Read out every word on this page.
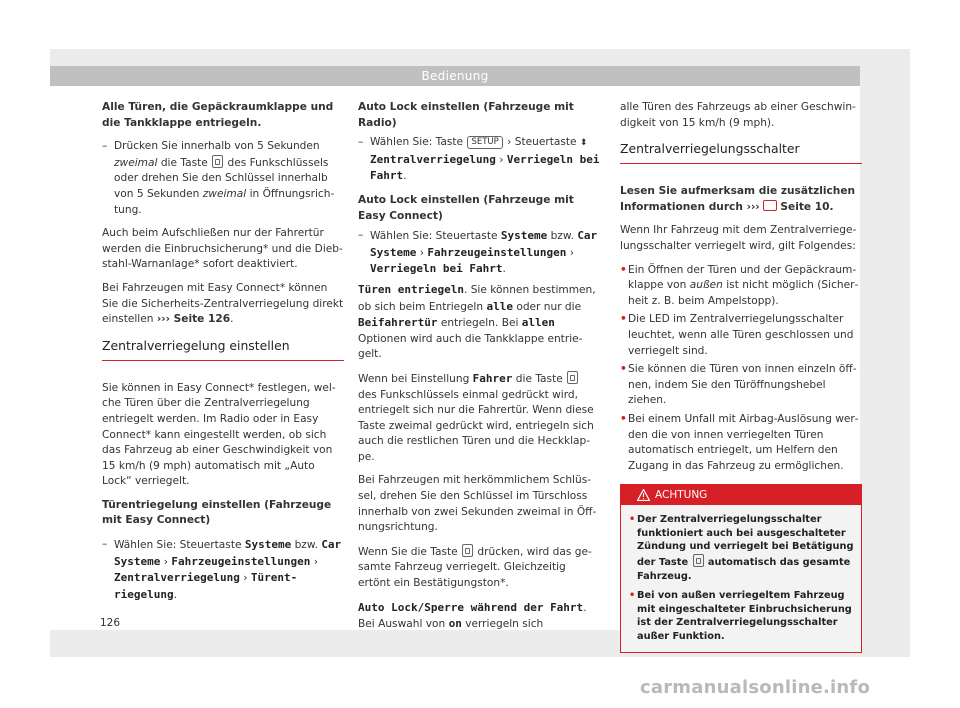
Bedienung

Alle Türen, die Gepäckraumklappe und die Tankklappe entriegeln.

– Drücken Sie innerhalb von 5 Sekunden zweimal die Taste  des Funkschlüssels oder drehen Sie den Schlüssel innerhalb von 5 Sekunden zweimal in Öffnungsrichtung.

Auch beim Aufschließen nur der Fahrertür werden die Einbruchsicherung* und die Diebstahl-Warnanlage* sofort deaktiviert.

Bei Fahrzeugen mit Easy Connect* können Sie die Sicherheits-Zentralverriegelung direkt einstellen ››› Seite 126.

Zentralverriegelung einstellen

Sie können in Easy Connect* festlegen, welche Türen über die Zentralverriegelung entriegelt werden. Im Radio oder in Easy Connect* kann eingestellt werden, ob sich das Fahrzeug ab einer Geschwindigkeit von 15 km/h (9 mph) automatisch mit „Auto Lock“ verriegelt.

Türentriegelung einstellen (Fahrzeuge mit Easy Connect)

– Wählen Sie: Steuertaste Systeme bzw. Car Systeme › Fahrzeugeinstellungen › Zentralverriegelung › Türentriegelung.

Auto Lock einstellen (Fahrzeuge mit Radio)

– Wählen Sie: Taste SETUP › Steuertaste ⬍
Zentralverriegelung › Verriegeln bei Fahrt.

Auto Lock einstellen (Fahrzeuge mit Easy Connect)

– Wählen Sie: Steuertaste Systeme bzw. Car Systeme › Fahrzeugeinstellungen › Verriegeln bei Fahrt.

Türen entriegeln. Sie können bestimmen, ob sich beim Entriegeln alle oder nur die Beifahrertür entriegeln. Bei allen Optionen wird auch die Tankklappe entriegelt.

Wenn bei Einstellung Fahrer die Taste  des Funkschlüssels einmal gedrückt wird, entriegelt sich nur die Fahrertür. Wenn diese Taste zweimal gedrückt wird, entriegeln sich auch die restlichen Türen und die Heckklappe.

Bei Fahrzeugen mit herkömmlichem Schlüssel, drehen Sie den Schlüssel im Türschloss innerhalb von zwei Sekunden zweimal in Öffnungsrichtung.

Wenn Sie die Taste  drücken, wird das gesamte Fahrzeug verriegelt. Gleichzeitig ertönt ein Bestätigungston*.

Auto Lock/Sperre während der Fahrt. Bei Auswahl von on verriegeln sich

alle Türen des Fahrzeugs ab einer Geschwindigkeit von 15 km/h (9 mph).

Zentralverriegelungsschalter

Lesen Sie aufmerksam die zusätzlichen Informationen durch ››› Seite 10.

Wenn Ihr Fahrzeug mit dem Zentralverriegelungsschalter verriegelt wird, gilt Folgendes:

• Ein Öffnen der Türen und der Gepäckraumklappe von außen ist nicht möglich (Sicherheit z. B. beim Ampelstopp).
• Die LED im Zentralverriegelungsschalter leuchtet, wenn alle Türen geschlossen und verriegelt sind.
• Sie können die Türen von innen einzeln öffnen, indem Sie den Türöffnungshebel ziehen.
• Bei einem Unfall mit Airbag-Auslösung werden die von innen verriegelten Türen automatisch entriegelt, um Helfern den Zugang in das Fahrzeug zu ermöglichen.
ACHTUNG
• Der Zentralverriegelungsschalter funktioniert auch bei ausgeschalteter Zündung und verriegelt bei Betätigung der Taste  automatisch das gesamte Fahrzeug.
• Bei von außen verriegeltem Fahrzeug mit eingeschalteter Einbruchsicherung ist der Zentralverriegelungsschalter außer Funktion.
126
carmanualsonline.info
